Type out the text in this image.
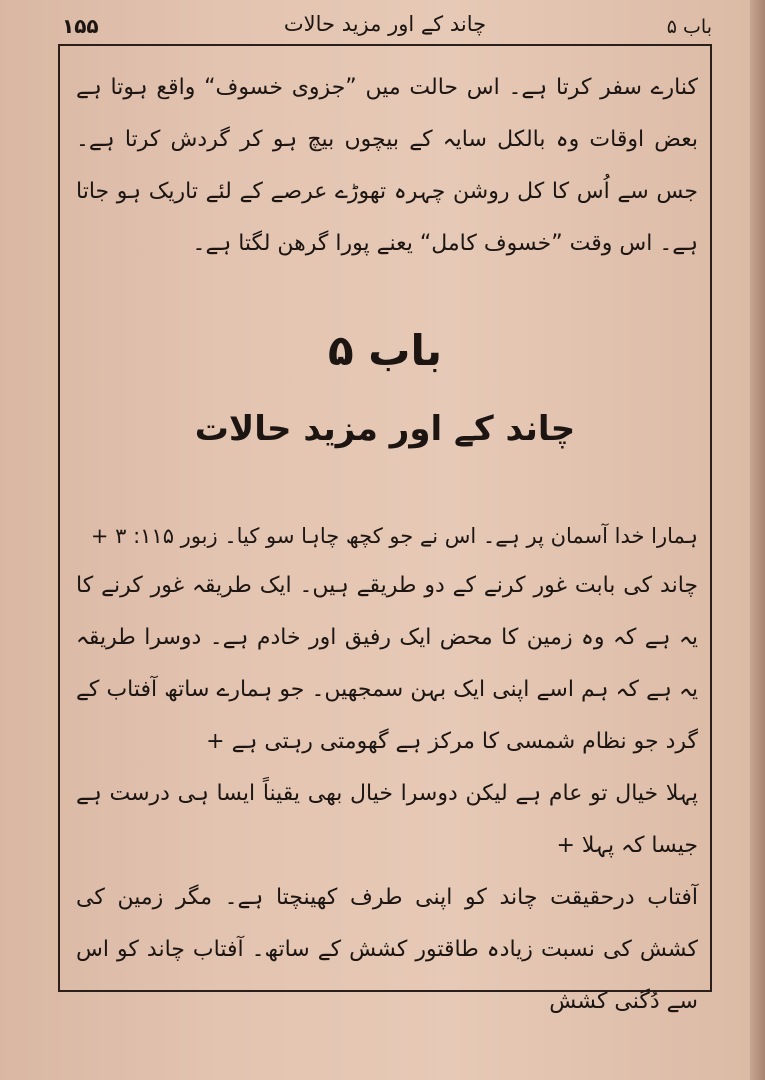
۱۵۵	چاند کے اور مزید حالات	باب ۵

کنارے سفر کرتا ہے۔ اس حالت میں ”جزوی خسوف“ واقع ہوتا ہے بعض اوقات وہ بالکل سایہ کے بیچوں بیچ ہو کر گردش کرتا ہے۔ جس سے اُس کا کل روشن چہرہ تھوڑے عرصے کے لئے تاریک ہو جاتا ہے۔ اس وقت ”خسوف کامل“ یعنے پورا گرھن لگتا ہے۔

باب ۵
چاند کے اور مزید حالات

ہمارا خدا آسمان پر ہے۔ اس نے جو کچھ چاہا سو کیا۔ زبور ۱۱۵: ۳ +

چاند کی بابت غور کرنے کے دو طریقے ہیں۔ ایک طریقہ غور کرنے کا یہ ہے کہ وہ زمین کا محض ایک رفیق اور خادم ہے۔ دوسرا طریقہ یہ ہے کہ ہم اسے اپنی ایک بہن سمجھیں۔ جو ہمارے ساتھ آفتاب کے گرد جو نظام شمسی کا مرکز ہے گھومتی رہتی ہے +

پہلا خیال تو عام ہے لیکن دوسرا خیال بھی یقیناً ایسا ہی درست ہے جیسا کہ پہلا +

آفتاب درحقیقت چاند کو اپنی طرف کھینچتا ہے۔ مگر زمین کی کشش کی نسبت زیادہ طاقتور کشش کے ساتھ۔ آفتاب چاند کو اس سے دُگنی کشش
